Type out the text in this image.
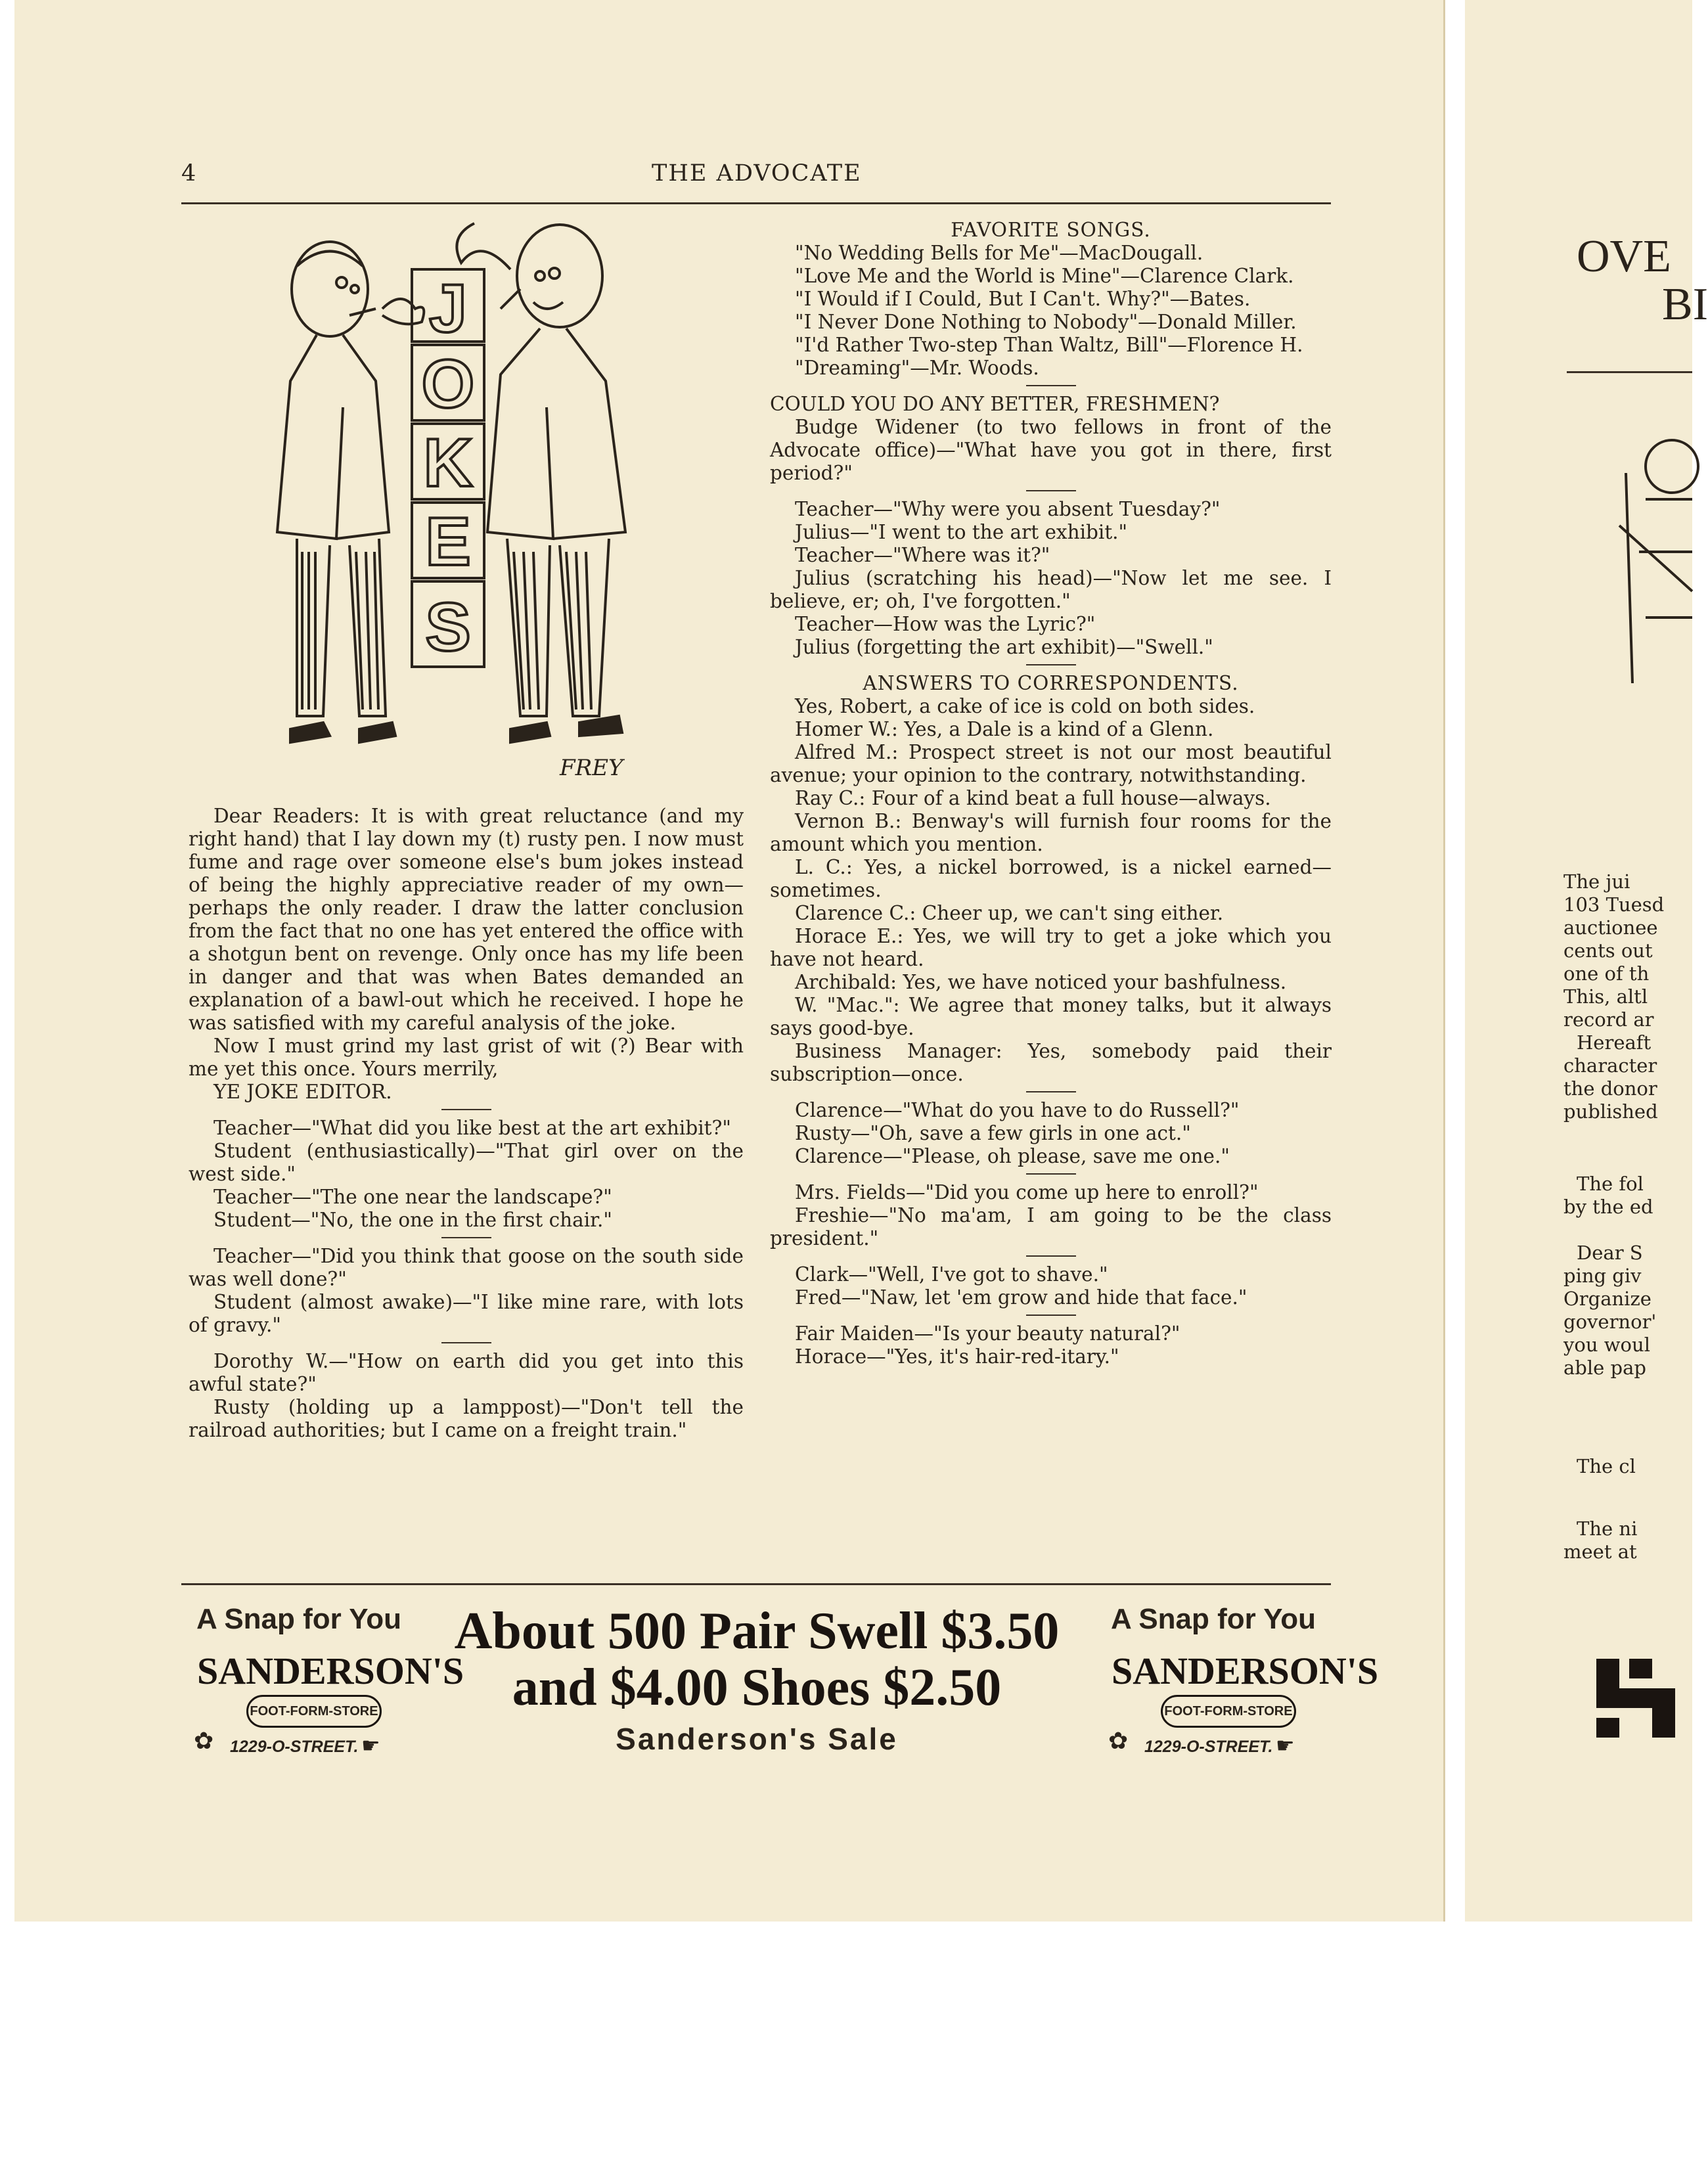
4	THE ADVOCATE
J
O
K
E
S
FREY

Dear Readers: It is with great reluctance (and my right hand) that I lay down my (t) rusty pen. I now must fume and rage over someone else's bum jokes instead of being the highly appreciative reader of my own—perhaps the only reader. I draw the latter conclusion from the fact that no one has yet entered the office with a shotgun bent on revenge. Only once has my life been in danger and that was when Bates demanded an explanation of a bawl-out which he received. I hope he was satisfied with my careful analysis of the joke.

Now I must grind my last grist of wit (?) Bear with me yet this once. Yours merrily,

YE JOKE EDITOR.

Teacher—"What did you like best at the art exhibit?"

Student (enthusiastically)—"That girl over on the west side."

Teacher—"The one near the landscape?"

Student—"No, the one in the first chair."

Teacher—"Did you think that goose on the south side was well done?"

Student (almost awake)—"I like mine rare, with lots of gravy."

Dorothy W.—"How on earth did you get into this awful state?"

Rusty (holding up a lamppost)—"Don't tell the railroad authorities; but I came on a freight train."

FAVORITE SONGS.

"No Wedding Bells for Me"—MacDougall.

"Love Me and the World is Mine"—Clarence Clark.

"I Would if I Could, But I Can't. Why?"—Bates.

"I Never Done Nothing to Nobody"—Donald Miller.

"I'd Rather Two-step Than Waltz, Bill"—Florence H.

"Dreaming"—Mr. Woods.

COULD YOU DO ANY BETTER, FRESHMEN?

Budge Widener (to two fellows in front of the Advocate office)—"What have you got in there, first period?"

Teacher—"Why were you absent Tuesday?"

Julius—"I went to the art exhibit."

Teacher—"Where was it?"

Julius (scratching his head)—"Now let me see. I believe, er; oh, I've forgotten."

Teacher—How was the Lyric?"

Julius (forgetting the art exhibit)—"Swell."

ANSWERS TO CORRESPONDENTS.

Yes, Robert, a cake of ice is cold on both sides.

Homer W.: Yes, a Dale is a kind of a Glenn.

Alfred M.: Prospect street is not our most beautiful avenue; your opinion to the contrary, notwithstanding.

Ray C.: Four of a kind beat a full house—always.

Vernon B.: Benway's will furnish four rooms for the amount which you mention.

L. C.: Yes, a nickel borrowed, is a nickel earned—sometimes.

Clarence C.: Cheer up, we can't sing either.

Horace E.: Yes, we will try to get a joke which you have not heard.

Archibald: Yes, we have noticed your bashfulness.

W. "Mac.": We agree that money talks, but it always says good-bye.

Business Manager: Yes, somebody paid their subscription—once.

Clarence—"What do you have to do Russell?"

Rusty—"Oh, save a few girls in one act."

Clarence—"Please, oh please, save me one."

Mrs. Fields—"Did you come up here to enroll?"

Freshie—"No ma'am, I am going to be the class president."

Clark—"Well, I've got to shave."

Fred—"Naw, let 'em grow and hide that face."

Fair Maiden—"Is your beauty natural?"

Horace—"Yes, it's hair-red-itary."

A Snap for You
SANDERSON'S
FOOT-FORM-STORE
✿ 1229-O-STREET. ☛
About 500 Pair Swell $3.50
and $4.00 Shoes $2.50
Sanderson's Sale
A Snap for You
SANDERSON'S
FOOT-FORM-STORE
✿ 1229-O-STREET. ☛
OVE
BI
The jui
103 Tuesd
auctionee
cents out
one of th
This, altl
record ar
Hereaft
character
the donor
published
The fol
by the ed
Dear S
ping giv
Organize
governor'
you woul
able pap
The cl
The ni
meet at
